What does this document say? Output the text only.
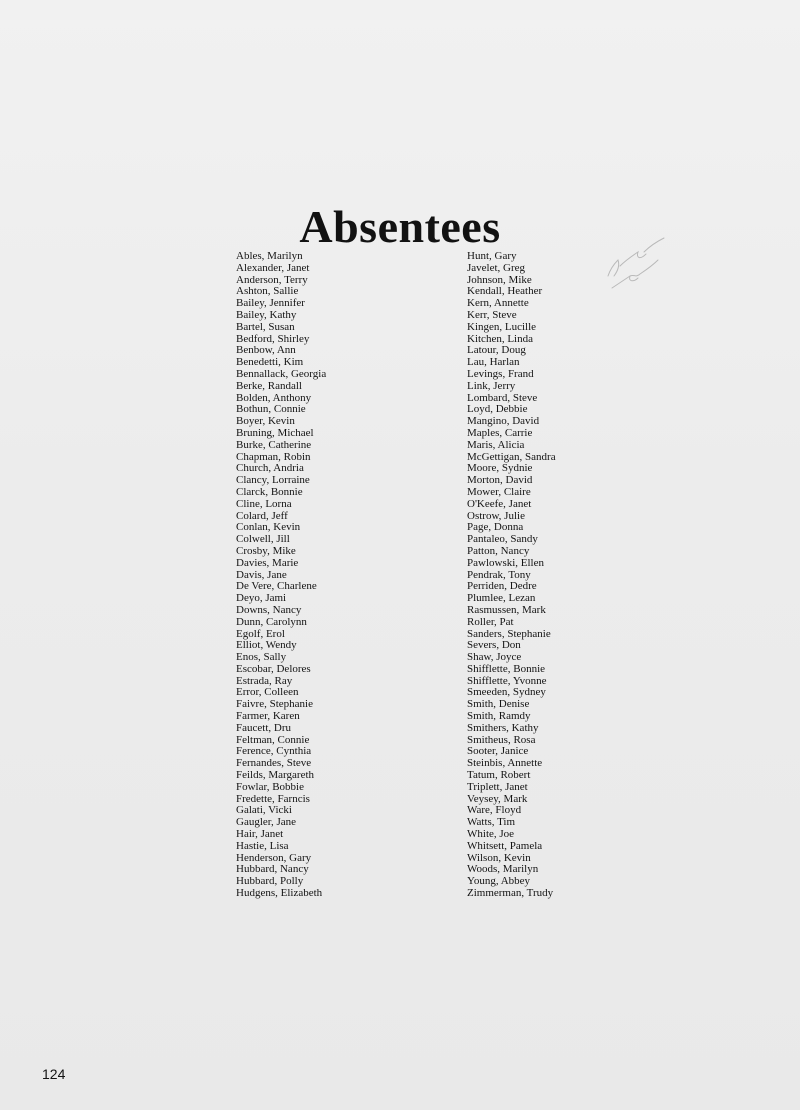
Absentees
Ables, Marilyn
Alexander, Janet
Anderson, Terry
Ashton, Sallie
Bailey, Jennifer
Bailey, Kathy
Bartel, Susan
Bedford, Shirley
Benbow, Ann
Benedetti, Kim
Bennallack, Georgia
Berke, Randall
Bolden, Anthony
Bothun, Connie
Boyer, Kevin
Bruning, Michael
Burke, Catherine
Chapman, Robin
Church, Andria
Clancy, Lorraine
Clarck, Bonnie
Cline, Lorna
Colard, Jeff
Conlan, Kevin
Colwell, Jill
Crosby, Mike
Davies, Marie
Davis, Jane
De Vere, Charlene
Deyo, Jami
Downs, Nancy
Dunn, Carolynn
Egolf, Erol
Elliot, Wendy
Enos, Sally
Escobar, Delores
Estrada, Ray
Error, Colleen
Faivre, Stephanie
Farmer, Karen
Faucett, Dru
Feltman, Connie
Ference, Cynthia
Fernandes, Steve
Feilds, Margareth
Fowlar, Bobbie
Fredette, Farncis
Galati, Vicki
Gaugler, Jane
Hair, Janet
Hastie, Lisa
Henderson, Gary
Hubbard, Nancy
Hubbard, Polly
Hudgens, Elizabeth
Hunt, Gary
Javelet, Greg
Johnson, Mike
Kendall, Heather
Kern, Annette
Kerr, Steve
Kingen, Lucille
Kitchen, Linda
Latour, Doug
Lau, Harlan
Levings, Frand
Link, Jerry
Lombard, Steve
Loyd, Debbie
Mangino, David
Maples, Carrie
Maris, Alicia
McGettigan, Sandra
Moore, Sydnie
Morton, David
Mower, Claire
O'Keefe, Janet
Ostrow, Julie
Page, Donna
Pantaleo, Sandy
Patton, Nancy
Pawlowski, Ellen
Pendrak, Tony
Perriden, Dedre
Plumlee, Lezan
Rasmussen, Mark
Roller, Pat
Sanders, Stephanie
Severs, Don
Shaw, Joyce
Shifflette, Bonnie
Shifflette, Yvonne
Smeeden, Sydney
Smith, Denise
Smith, Ramdy
Smithers, Kathy
Smitheus, Rosa
Sooter, Janice
Steinbis, Annette
Tatum, Robert
Triplett, Janet
Veysey, Mark
Ware, Floyd
Watts, Tim
White, Joe
Whitsett, Pamela
Wilson, Kevin
Woods, Marilyn
Young, Abbey
Zimmerman, Trudy
124
